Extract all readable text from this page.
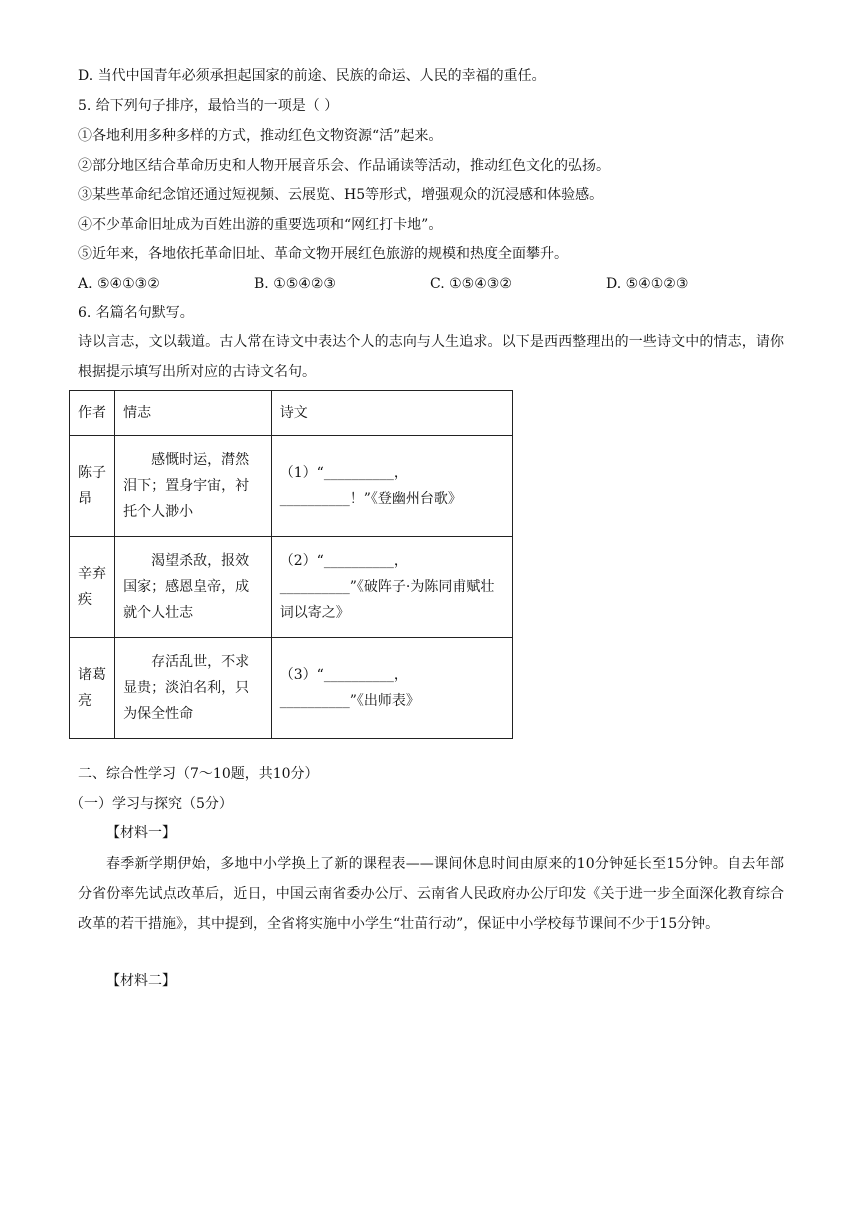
D. 当代中国青年必须承担起国家的前途、民族的命运、人民的幸福的重任。
5. 给下列句子排序，最恰当的一项是（ ）
①各地利用多种多样的方式，推动红色文物资源“活”起来。
②部分地区结合革命历史和人物开展音乐会、作品诵读等活动，推动红色文化的弘扬。
③某些革命纪念馆还通过短视频、云展览、H5等形式，增强观众的沉浸感和体验感。
④不少革命旧址成为百姓出游的重要选项和“网红打卡地”。
⑤近年来，各地依托革命旧址、革命文物开展红色旅游的规模和热度全面攀升。
A. ⑤④①③②	B. ①⑤④②③	C. ①⑤④③②	D. ⑤④①②③
6. 名篇名句默写。
诗以言志，文以载道。古人常在诗文中表达个人的志向与人生追求。以下是西西整理出的一些诗文中的情志，请你根据提示填写出所对应的古诗文名句。
作者	情志	诗文
陈子昂	感慨时运，潸然泪下；置身宇宙，衬托个人渺小	（1）“__________，__________！”《登幽州台歌》
辛弃疾	渴望杀敌，报效国家；感恩皇帝，成就个人壮志	（2）“__________，__________”《破阵子·为陈同甫赋壮词以寄之》
诸葛亮	存活乱世，不求显贵；淡泊名利，只为保全性命	（3）“__________，__________”《出师表》
二、综合性学习（7～10题，共10分）
（一）学习与探究（5分）
【材料一】
春季新学期伊始，多地中小学换上了新的课程表——课间休息时间由原来的10分钟延长至15分钟。自去年部分省份率先试点改革后，近日，中国云南省委办公厅、云南省人民政府办公厅印发《关于进一步全面深化教育综合改革的若干措施》，其中提到，全省将实施中小学生“壮苗行动”，保证中小学校每节课间不少于15分钟。
【材料二】
